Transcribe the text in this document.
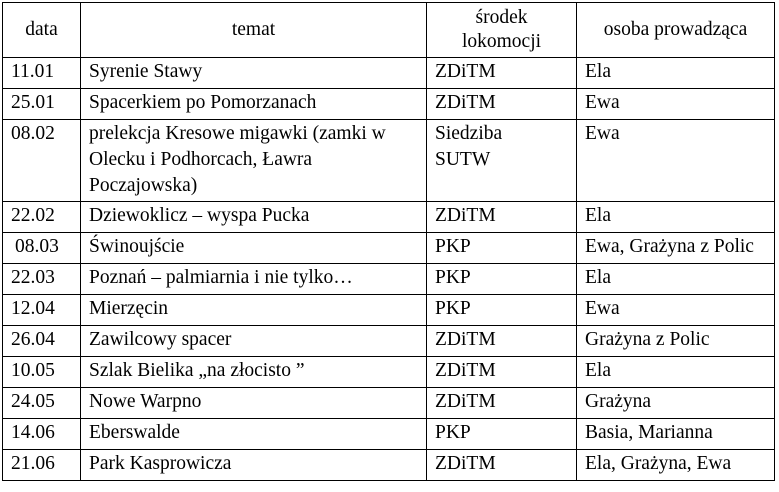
data	temat	środek lokomocji	osoba prowadząca
11.01	Syrenie Stawy	ZDiTM	Ela
25.01	Spacerkiem po Pomorzanach	ZDiTM	Ewa
08.02	prelekcja Kresowe migawki (zamki w Olecku i Podhorcach, Ławra Poczajowska)	Siedziba SUTW	Ewa
22.02	Dziewoklicz – wyspa Pucka	ZDiTM	Ela
08.03	Świnoujście	PKP	Ewa, Grażyna z Polic
22.03	Poznań – palmiarnia i nie tylko…	PKP	Ela
12.04	Mierzęcin	PKP	Ewa
26.04	Zawilcowy spacer	ZDiTM	Grażyna z Polic
10.05	Szlak Bielika „na złocisto ”	ZDiTM	Ela
24.05	Nowe Warpno	ZDiTM	Grażyna
14.06	Eberswalde	PKP	Basia, Marianna
21.06	Park Kasprowicza	ZDiTM	Ela, Grażyna, Ewa
